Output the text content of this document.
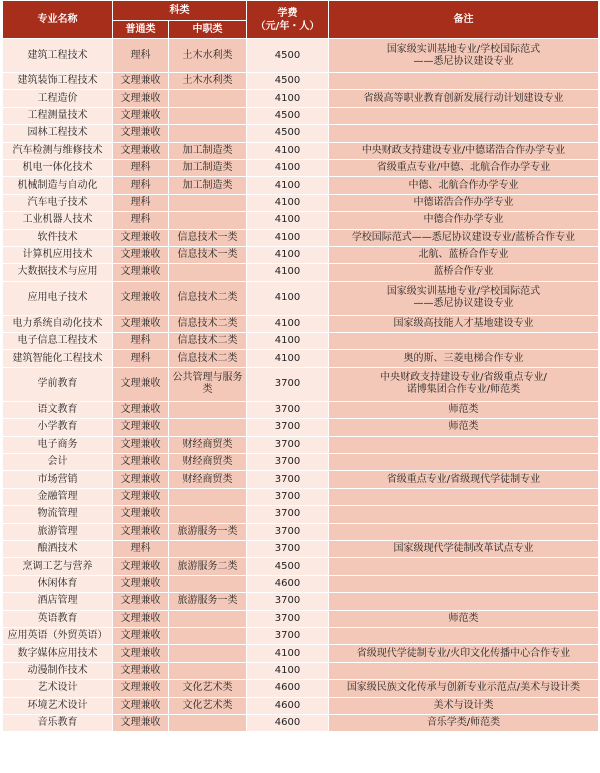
专业名称	科类		学费
（元/年・人）	备注
	普通类	中职类		
建筑工程技术	理科	土木水利类	4500	国家级实训基地专业/学校国际范式
——悉尼协议建设专业

建筑装饰工程技术	文理兼收	土木水利类	4500	

工程造价	文理兼收		4100	省级高等职业教育创新发展行动计划建设专业

工程测量技术	文理兼收		4500	

园林工程技术	文理兼收		4500	

汽车检测与维修技术	文理兼收	加工制造类	4100	中央财政支持建设专业/中德诺浩合作办学专业

机电一体化技术	理科	加工制造类	4100	省级重点专业/中德、北航合作办学专业

机械制造与自动化	理科	加工制造类	4100	中德、北航合作办学专业

汽车电子技术	理科		4100	中德诺浩合作办学专业

工业机器人技术	理科		4100	中德合作办学专业

软件技术	文理兼收	信息技术一类	4100	学校国际范式——悉尼协议建设专业/蓝桥合作专业

计算机应用技术	文理兼收	信息技术一类	4100	北航、蓝桥合作专业

大数据技术与应用	文理兼收		4100	蓝桥合作专业

应用电子技术	文理兼收	信息技术二类	4100	国家级实训基地专业/学校国际范式
——悉尼协议建设专业

电力系统自动化技术	文理兼收	信息技术二类	4100	国家级高技能人才基地建设专业

电子信息工程技术	理科	信息技术二类	4100	

建筑智能化工程技术	理科	信息技术二类	4100	奥的斯、三菱电梯合作专业

学前教育	文理兼收	公共管理与服务类	3700	中央财政支持建设专业/省级重点专业/
诺博集团合作专业/师范类

语文教育	文理兼收		3700	师范类

小学教育	文理兼收		3700	师范类

电子商务	文理兼收	财经商贸类	3700	

会计	文理兼收	财经商贸类	3700	

市场营销	文理兼收	财经商贸类	3700	省级重点专业/省级现代学徒制专业

金融管理	文理兼收		3700	

物流管理	文理兼收		3700	

旅游管理	文理兼收	旅游服务一类	3700	

酿酒技术	理科		3700	国家级现代学徒制改革试点专业

烹调工艺与营养	文理兼收	旅游服务二类	4500	

休闲体育	文理兼收		4600	

酒店管理	文理兼收	旅游服务一类	3700	

英语教育	文理兼收		3700	师范类

应用英语（外贸英语）	文理兼收		3700	

数字媒体应用技术	文理兼收		4100	省级现代学徒制专业/火印文化传播中心合作专业

动漫制作技术	文理兼收		4100	

艺术设计	文理兼收	文化艺术类	4600	国家级民族文化传承与创新专业示范点/美术与设计类

环境艺术设计	文理兼收	文化艺术类	4600	美术与设计类

音乐教育	文理兼收		4600	音乐学类/师范类
